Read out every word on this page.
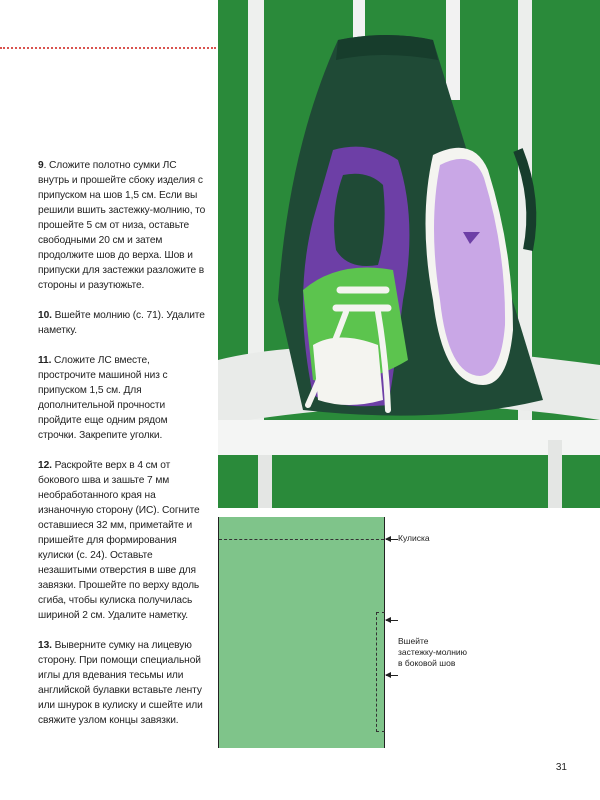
9. Сложите полотно сумки ЛС внутрь и прошейте сбоку изделия с припуском на шов 1,5 см. Если вы решили вшить застежку-молнию, то прошейте 5 см от низа, оставьте свободными 20 см и затем продолжите шов до верха. Шов и припуски для застежки разложите в стороны и разутюжьте.

10. Вшейте молнию (с. 71). Удалите наметку.

11. Сложите ЛС вместе, прострочите машиной низ с припуском 1,5 см. Для дополнительной прочности пройдите еще одним рядом строчки. Закрепите уголки.

12. Раскройте верх в 4 см от бокового шва и зашьте 7 мм необработанного края на изнаночную сторону (ИС). Согните оставшиеся 32 мм, приметайте и пришейте для формирования кулиски (с. 24). Оставьте незашитыми отверстия в шве для завязки. Прошейте по верху вдоль сгиба, чтобы кулиска получилась шириной 2 см. Удалите наметку.

13. Выверните сумку на лицевую сторону. При помощи специальной иглы для вдевания тесьмы или английской булавки вставьте ленту или шнурок в кулиску и сшейте или свяжите узлом концы завязки.

Кулиска
Вшейте
застежку-молнию
в боковой шов
31
